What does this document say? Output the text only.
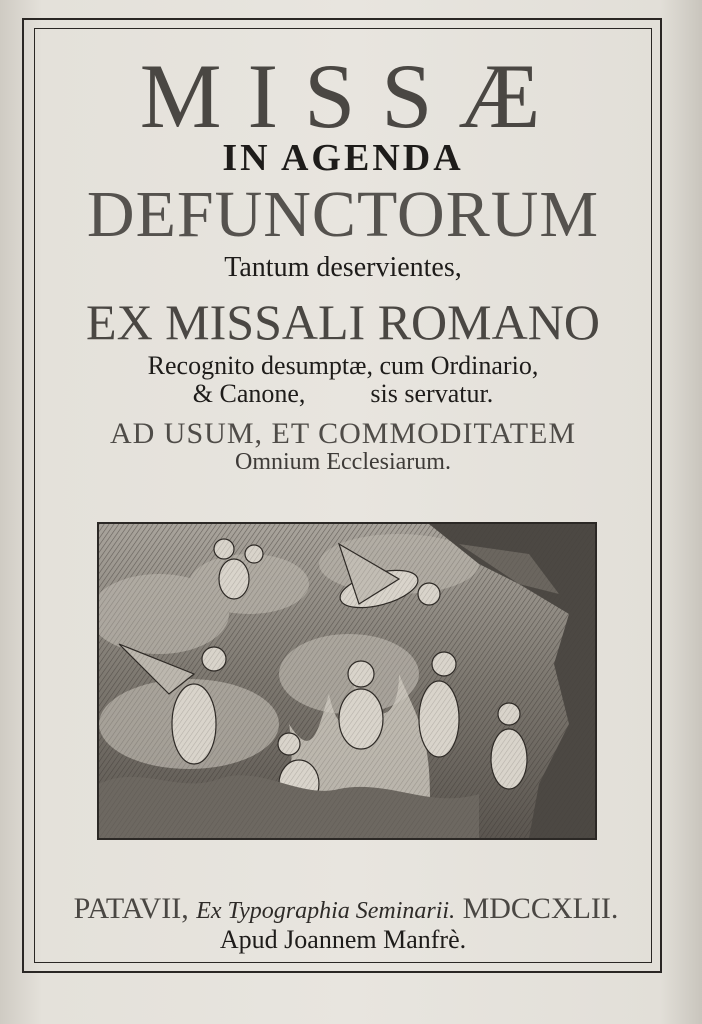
MISSÆ
IN AGENDA
DEFUNCTORUM
Tantum deservientes,
EX MISSALI ROMANO
Recognito desumptæ, cum Ordinario,
& Canone,          sis servatur.
AD USUM, ET COMMODITATEM
Omnium Ecclesiarum.
PATAVII, Ex Typographia Seminarii. MDCCXLII.
Apud Joannem Manfrè.
